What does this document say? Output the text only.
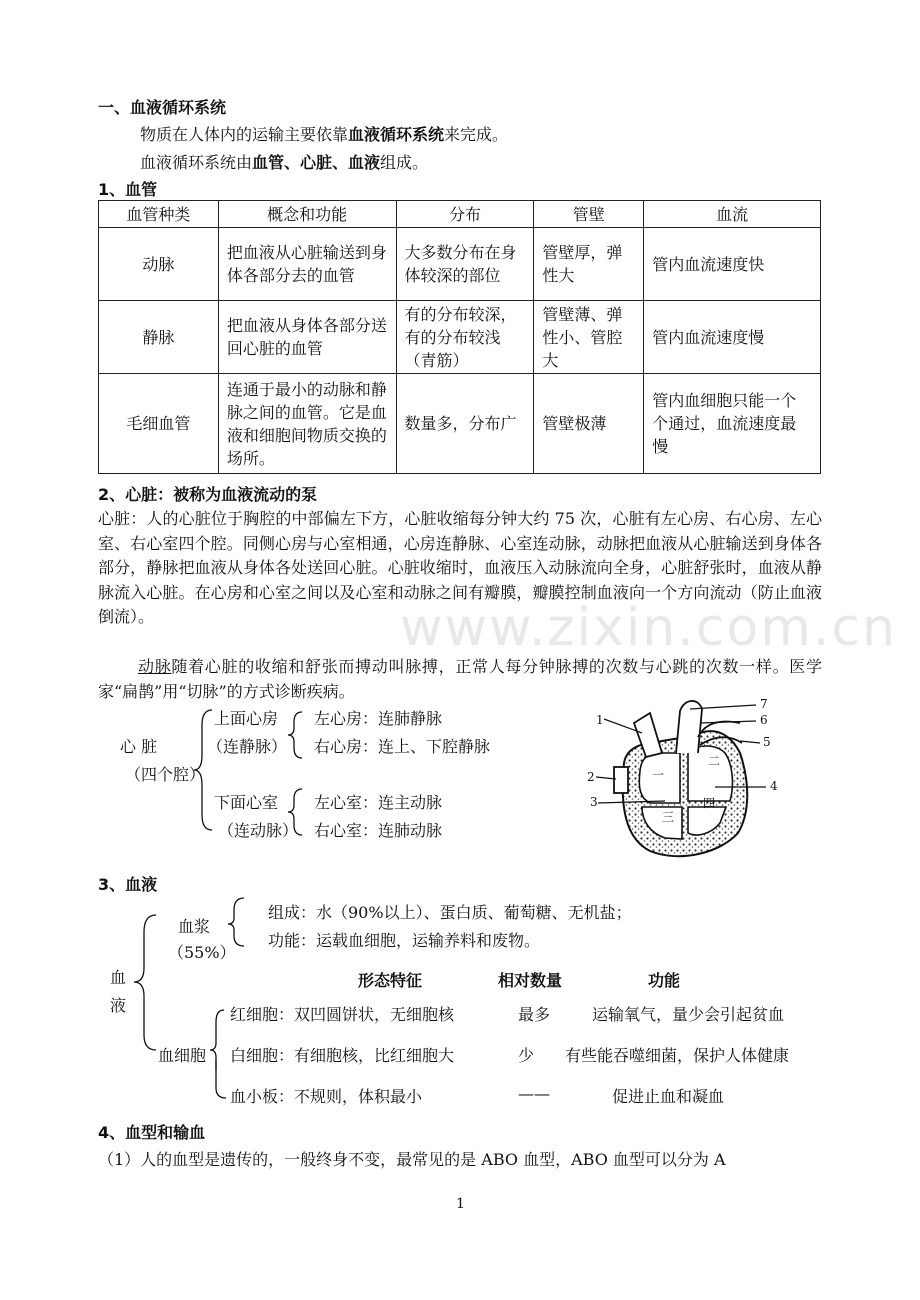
www.zixin.com.cn
一、血液循环系统
物质在人体内的运输主要依靠血液循环系统来完成。
血液循环系统由血管、心脏、血液组成。
1、血管
血管种类	概念和功能	分布	管壁	血流
动脉	把血液从心脏输送到身体各部分去的血管	大多数分布在身体较深的部位	管壁厚，弹性大	管内血流速度快
静脉	把血液从身体各部分送回心脏的血管	有的分布较深，有的分布较浅（青筋）	管壁薄、弹性小、管腔大	管内血流速度慢
毛细血管	连通于最小的动脉和静脉之间的血管。它是血液和细胞间物质交换的场所。	数量多，分布广	管壁极薄	管内血细胞只能一个个通过，血流速度最慢
2、心脏：被称为血液流动的泵
心脏：人的心脏位于胸腔的中部偏左下方，心脏收缩每分钟大约 75 次，心脏有左心房、右心房、左心室、右心室四个腔。同侧心房与心室相通，心房连静脉、心室连动脉，动脉把血液从心脏输送到身体各部分，静脉把血液从身体各处送回心脏。心脏收缩时，血液压入动脉流向全身，心脏舒张时，血液从静脉流入心脏。在心房和心室之间以及心室和动脉之间有瓣膜，瓣膜控制血液向一个方向流动（防止血液倒流）。
动脉随着心脏的收缩和舒张而搏动叫脉搏，正常人每分钟脉搏的次数与心跳的次数一样。医学家“扁鹊”用“切脉”的方式诊断疾病。
心 脏
（四个腔）
上面心房
（连静脉）
左心房：连肺静脉
右心房：连上、下腔静脉
下面心室
（连动脉）
左心室：连主动脉
右心室：连肺动脉
1
2
3
4
5
6
7
一
二
三
四
3、血液
血
液
血浆
（55%）
组成：水（90%以上）、蛋白质、葡萄糖、无机盐；
功能：运载血细胞，运输养料和废物。
形态特征	相对数量	功能
血细胞
红细胞：双凹圆饼状，无细胞核	最多	运输氧气，量少会引起贫血
白细胞：有细胞核，比红细胞大	少 有些能吞噬细菌，保护人体健康
血小板：不规则，体积最小	——	促进止血和凝血
4、血型和输血
（1）人的血型是遗传的，一般终身不变，最常见的是 ABO 血型，ABO 血型可以分为 A
1
